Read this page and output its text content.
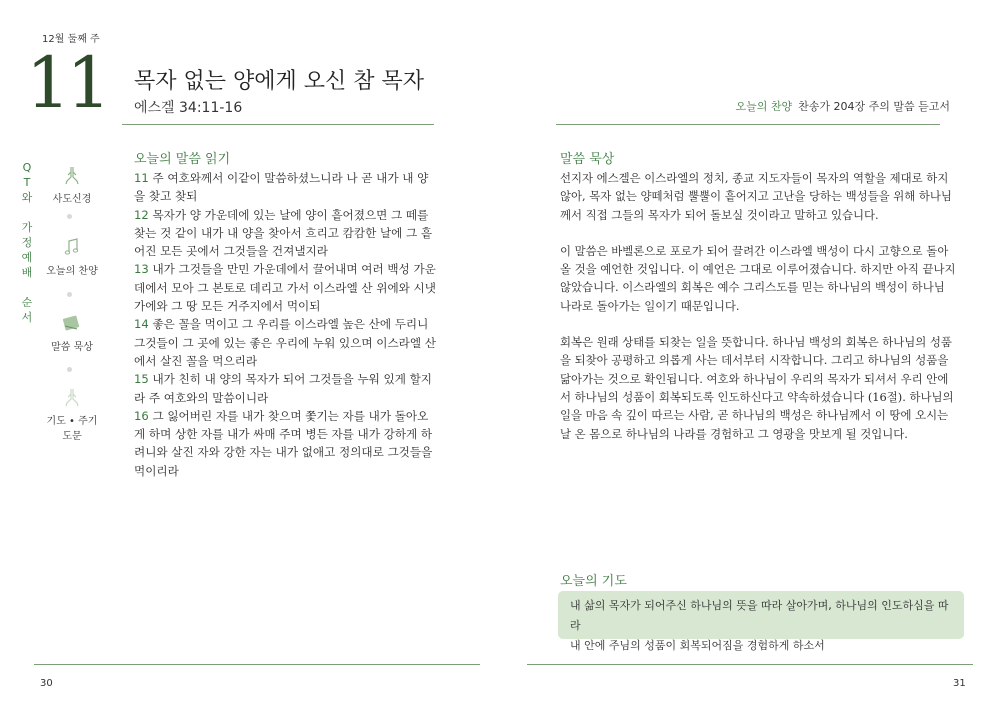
12월 둘째 주
11 목자 없는 양에게 오신 참 목자
에스겔 34:11-16	오늘의 찬양 찬송가 204장 주의 말씀 듣고서
Q
T
와

가
정
예
배

순
서
사도신경
오늘의 찬양
말씀 묵상
기도 • 주기도문
오늘의 말씀 읽기

11 주 여호와께서 이같이 말씀하셨느니라 나 곧 내가 내 양을 찾고 찾되

12 목자가 양 가운데에 있는 날에 양이 흩어졌으면 그 떼를 찾는 것 같이 내가 내 양을 찾아서 흐리고 캄캄한 날에 그 흩어진 모든 곳에서 그것들을 건져낼지라

13 내가 그것들을 만민 가운데에서 끌어내며 여러 백성 가운데에서 모아 그 본토로 데리고 가서 이스라엘 산 위에와 시냇가에와 그 땅 모든 거주지에서 먹이되

14 좋은 꼴을 먹이고 그 우리를 이스라엘 높은 산에 두리니 그것들이 그 곳에 있는 좋은 우리에 누워 있으며 이스라엘 산에서 살진 꼴을 먹으리라

15 내가 친히 내 양의 목자가 되어 그것들을 누워 있게 할지라 주 여호와의 말씀이니라

16 그 잃어버린 자를 내가 찾으며 쫓기는 자를 내가 돌아오게 하며 상한 자를 내가 싸매 주며 병든 자를 내가 강하게 하려니와 살진 자와 강한 자는 내가 없애고 정의대로 그것들을 먹이리라

말씀 묵상

선지자 에스겔은 이스라엘의 정치, 종교 지도자들이 목자의 역할을 제대로 하지 않아, 목자 없는 양떼처럼 뿔뿔이 흩어지고 고난을 당하는 백성들을 위해 하나님께서 직접 그들의 목자가 되어 돌보실 것이라고 말하고 있습니다.

이 말씀은 바벨론으로 포로가 되어 끌려간 이스라엘 백성이 다시 고향으로 돌아올 것을 예언한 것입니다. 이 예언은 그대로 이루어졌습니다. 하지만 아직 끝나지 않았습니다. 이스라엘의 회복은 예수 그리스도를 믿는 하나님의 백성이 하나님 나라로 돌아가는 일이기 때문입니다.

회복은 원래 상태를 되찾는 일을 뜻합니다. 하나님 백성의 회복은 하나님의 성품을 되찾아 공평하고 의롭게 사는 데서부터 시작합니다. 그리고 하나님의 성품을 닮아가는 것으로 확인됩니다. 여호와 하나님이 우리의 목자가 되셔서 우리 안에서 하나님의 성품이 회복되도록 인도하신다고 약속하셨습니다 (16절). 하나님의 일을 마음 속 깊이 따르는 사람, 곧 하나님의 백성은 하나님께서 이 땅에 오시는 날 온 몸으로 하나님의 나라를 경험하고 그 영광을 맛보게 될 것입니다.

오늘의 기도
내 삶의 목자가 되어주신 하나님의 뜻을 따라 살아가며, 하나님의 인도하심을 따라
내 안에 주님의 성품이 회복되어짐을 경험하게 하소서
30	31
